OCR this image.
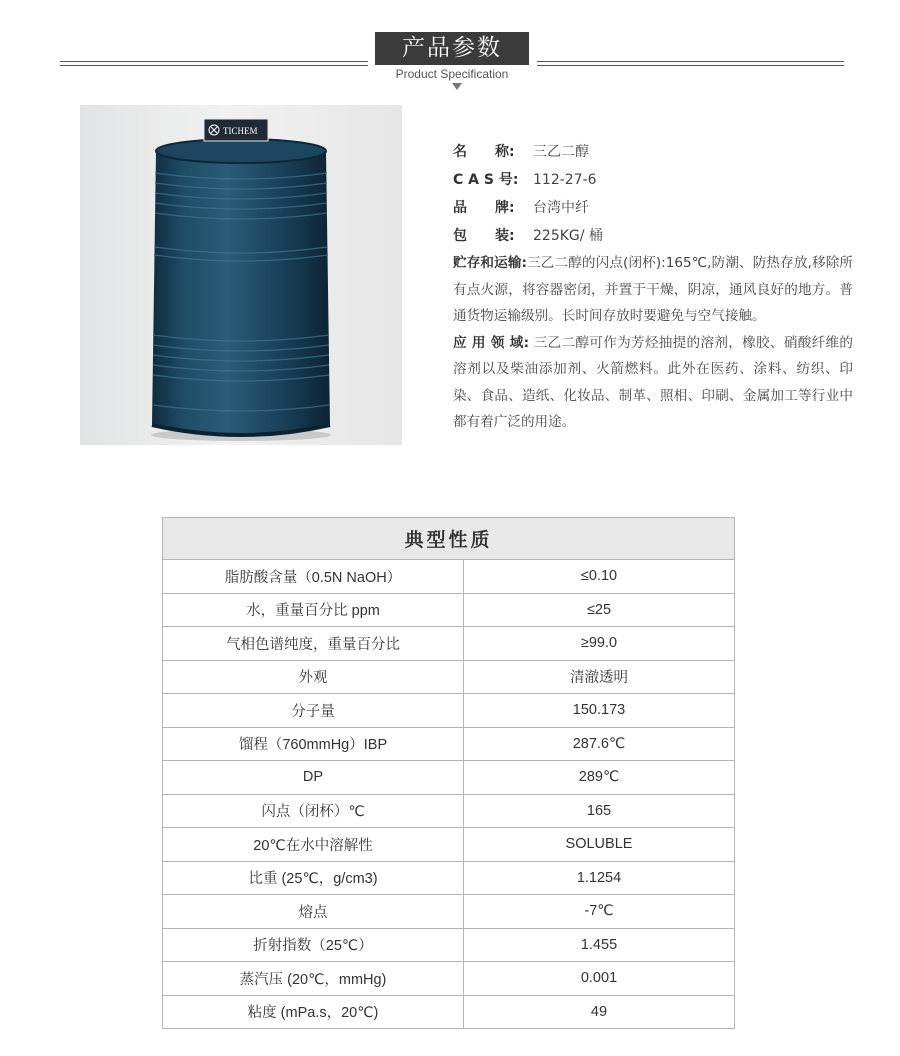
产品参数
Product Specification
TICHEM
名　　称: 三乙二醇
C A S 号: 112-27-6
品　　牌: 台湾中纤
包　　装: 225KG/ 桶
贮存和运输:三乙二醇的闪点(闭杯):165℃,防潮、防热存放,移除所有点火源，将容器密闭，并置于干燥，阴凉，通风良好的地方。普通货物运输级别。长时间存放时要避免与空气接触。
应 用 领 域: 三乙二醇可作为芳烃抽提的溶剂，橡胶、硝酸纤维的溶剂以及柴油添加剂、火箭燃料。此外在医药、涂料、纺织、印染、食品、造纸、化妆品、制革、照相、印刷、金属加工等行业中都有着广泛的用途。
典型性质	
脂肪酸含量（0.5N NaOH）	≤0.10
水，重量百分比 ppm	≤25
气相色谱纯度，重量百分比	≥99.0
外观	清澈透明
分子量	150.173
馏程（760mmHg）IBP	287.6℃
DP	289℃
闪点（闭杯）℃	165
20℃在水中溶解性	SOLUBLE
比重 (25℃，g/cm3)	1.1254
熔点	-7℃
折射指数（25℃）	1.455
蒸汽压 (20℃，mmHg)	0.001
粘度 (mPa.s，20℃)	49
